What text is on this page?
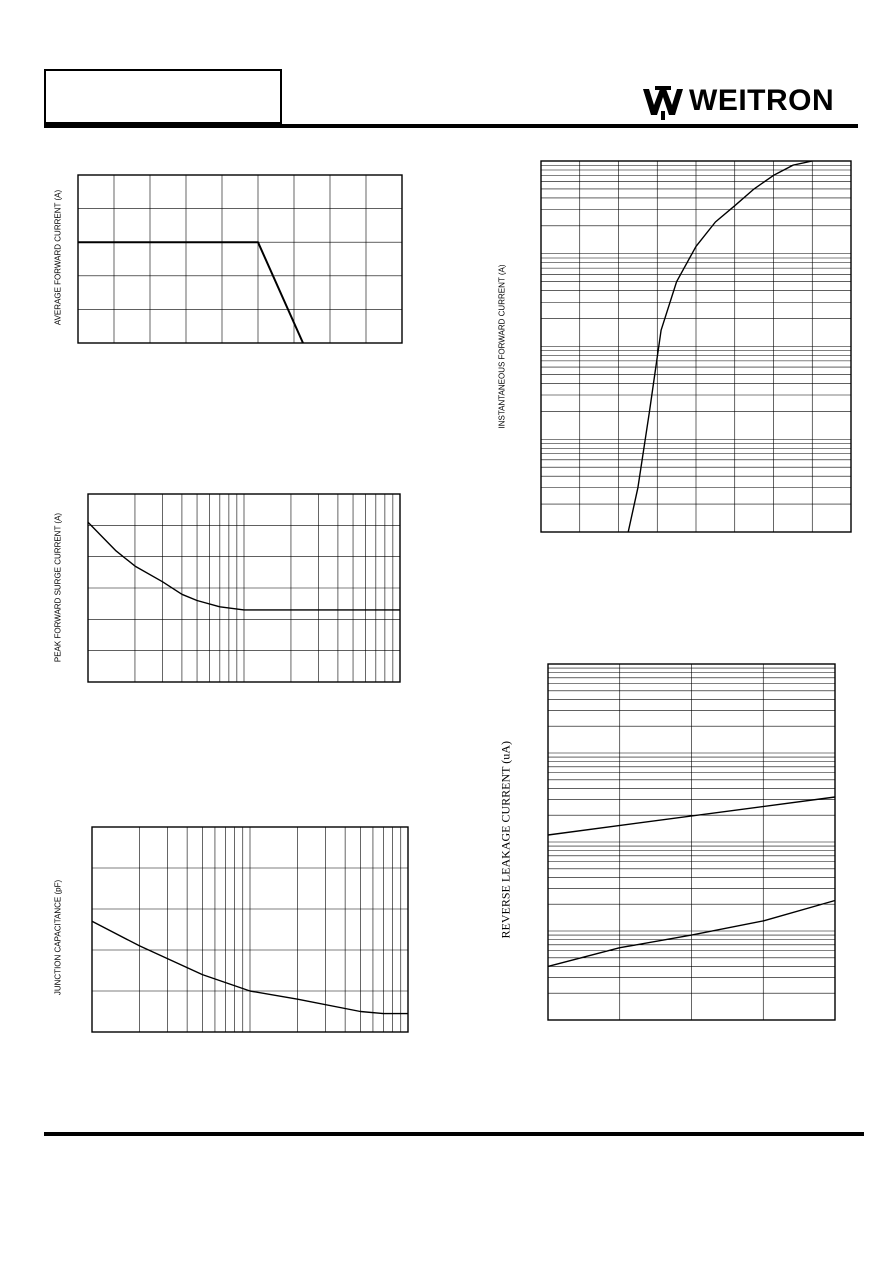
WEITRON
AVERAGE FORWARD CURRENT (A)
PEAK FORWARD SURGE CURRENT (A)
JUNCTION CAPACITANCE (pF)
INSTANTANEOUS FORWARD CURRENT (A)
REVERSE LEAKAGE CURRENT (uA)
